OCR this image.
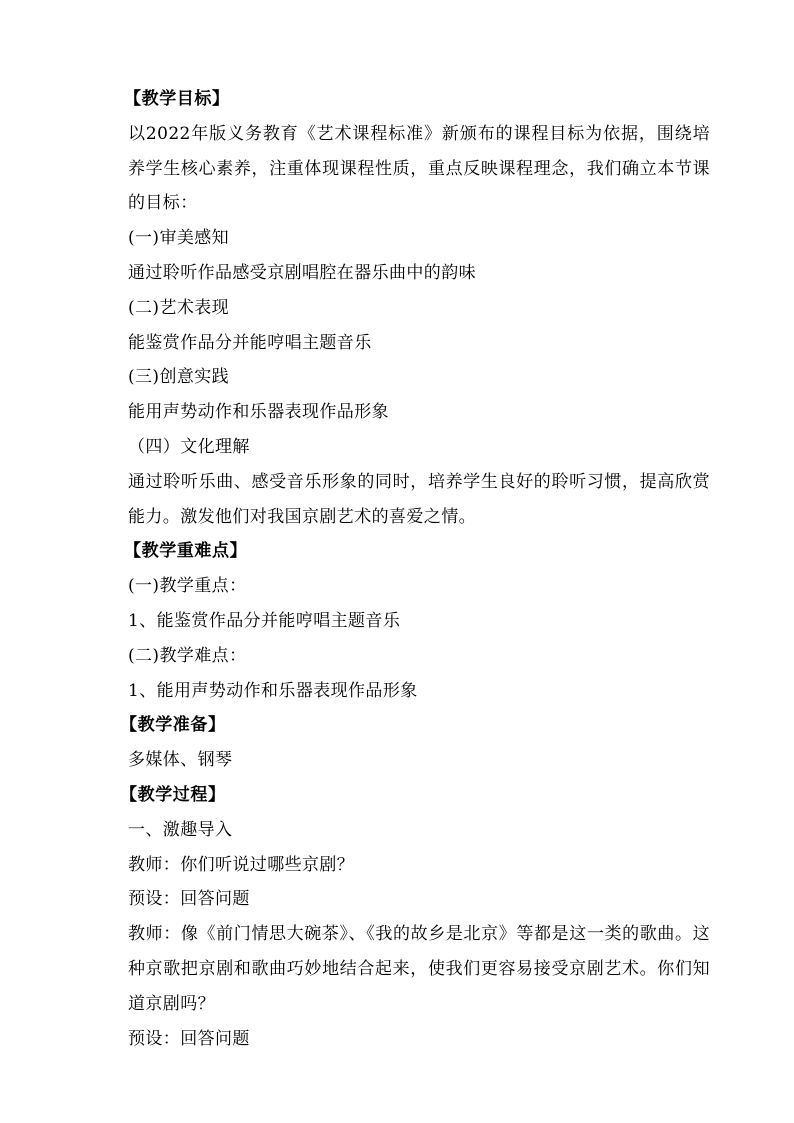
【教学目标】
以2022年版义务教育《艺术课程标准》新颁布的课程目标为依据，围绕培养学生核心素养，注重体现课程性质，重点反映课程理念，我们确立本节课的目标：
(一)审美感知
通过聆听作品感受京剧唱腔在器乐曲中的韵味
(二)艺术表现
能鉴赏作品分并能哼唱主题音乐
(三)创意实践
能用声势动作和乐器表现作品形象
（四）文化理解
通过聆听乐曲、感受音乐形象的同时，培养学生良好的聆听习惯，提高欣赏能力。激发他们对我国京剧艺术的喜爱之情。
【教学重难点】
(一)教学重点：
1、能鉴赏作品分并能哼唱主题音乐
(二)教学难点：
1、能用声势动作和乐器表现作品形象
【教学准备】
多媒体、钢琴
【教学过程】
一、激趣导入
教师：你们听说过哪些京剧？
预设：回答问题
教师：像《前门情思大碗茶》、《我的故乡是北京》等都是这一类的歌曲。这种京歌把京剧和歌曲巧妙地结合起来，使我们更容易接受京剧艺术。你们知道京剧吗？
预设：回答问题
